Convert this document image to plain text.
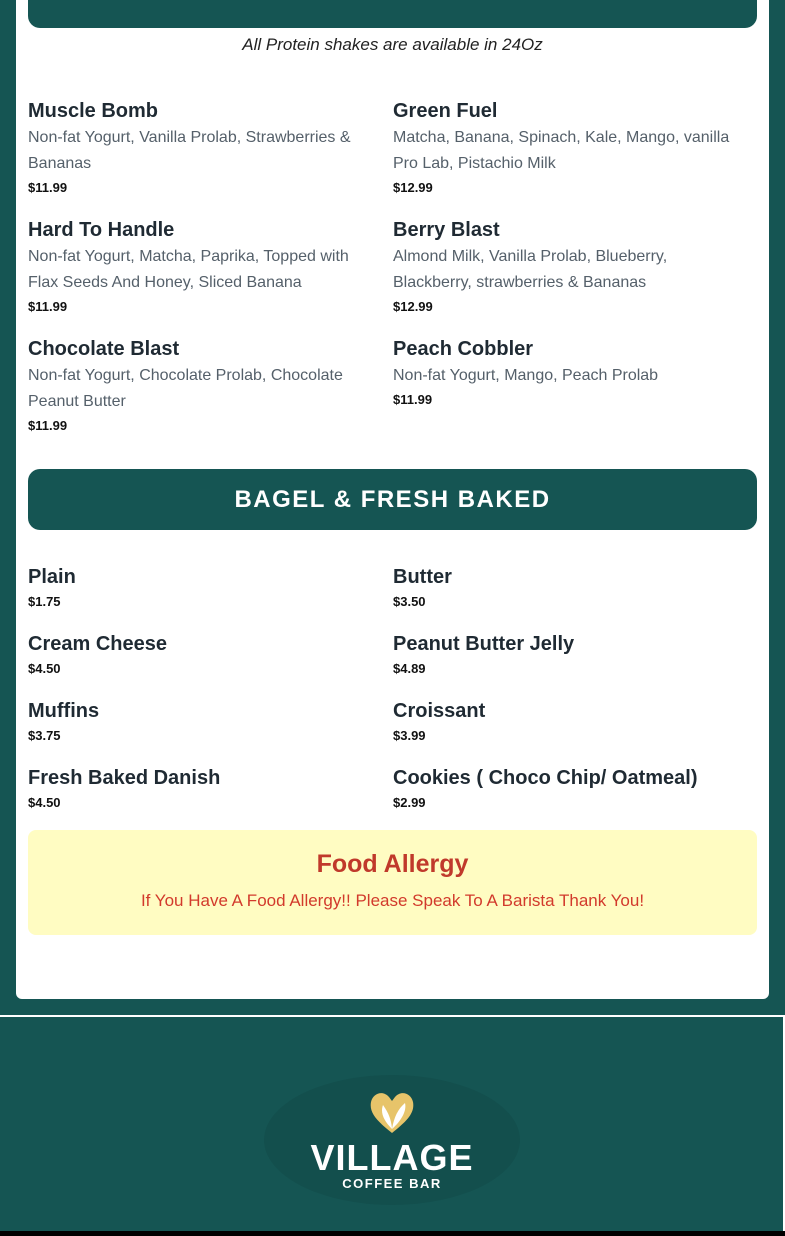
All Protein shakes are available in 24Oz
Muscle Bomb
Non-fat Yogurt, Vanilla Prolab, Strawberries & Bananas
$11.99
Green Fuel
Matcha, Banana, Spinach, Kale, Mango, vanilla Pro Lab, Pistachio Milk
$12.99
Hard To Handle
Non-fat Yogurt, Matcha, Paprika, Topped with Flax Seeds And Honey, Sliced Banana
$11.99
Berry Blast
Almond Milk, Vanilla Prolab, Blueberry, Blackberry, strawberries & Bananas
$12.99
Chocolate Blast
Non-fat Yogurt, Chocolate Prolab, Chocolate Peanut Butter
$11.99
Peach Cobbler
Non-fat Yogurt, Mango, Peach Prolab
$11.99
BAGEL & FRESH BAKED
Plain
$1.75
Butter
$3.50
Cream Cheese
$4.50
Peanut Butter Jelly
$4.89
Muffins
$3.75
Croissant
$3.99
Fresh Baked Danish
$4.50
Cookies ( Choco Chip/ Oatmeal)
$2.99
Food Allergy
If You Have A Food Allergy!! Please Speak To A Barista Thank You!
VILLAGE
COFFEE BAR
